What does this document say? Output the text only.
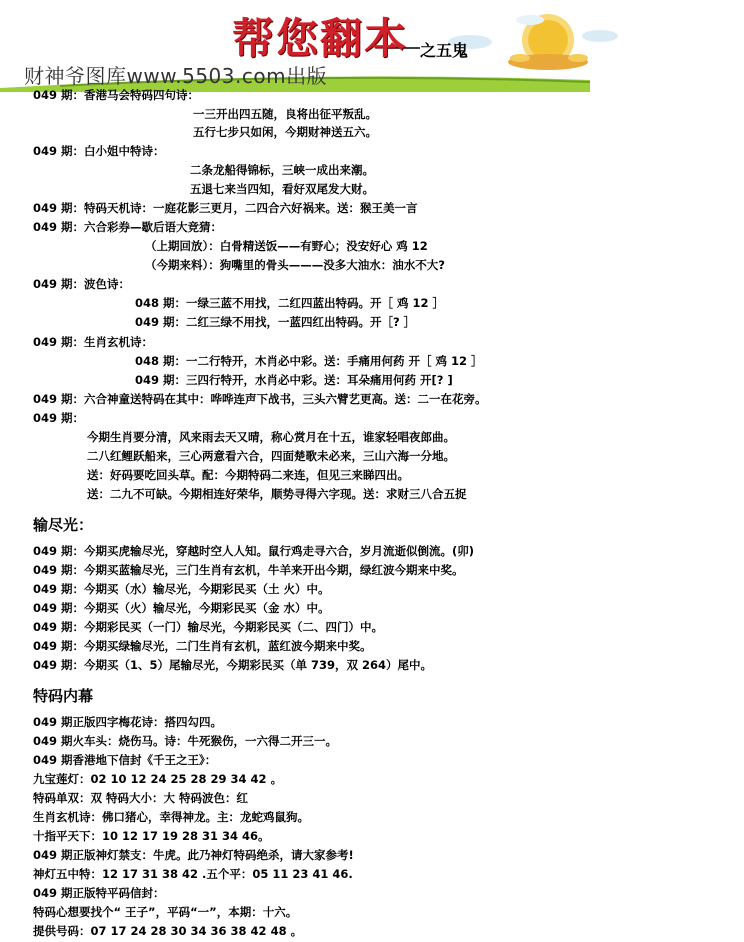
帮您翻本 之五鬼
财神爷图库www.5503.com出版
049 期：香港马会特码四句诗：
一三开出四五随，良将出征平叛乱。
五行七步只如闲，今期财神送五六。
049 期：白小姐中特诗：
二条龙船得锦标，三峡一成出来潮。
五退七来当四知，看好双尾发大财。
049 期：特码天机诗：一庭花影三更月，二四合六好祸来。送：猴王美一言
049 期：六合彩券—歇后语大竞猜：
（上期回放）：白骨精送饭——有野心；没安好心 鸡 12
（今期来料）：狗嘴里的骨头———没多大油水：油水不大?
049 期：波色诗：
048 期：一绿三蓝不用找，二红四蓝出特码。开［ 鸡 12 ］
049 期：二红三绿不用找，一蓝四红出特码。开［? ］
049 期：生肖玄机诗：
048 期：一二行特开，木肖必中彩。送：手痛用何药 开［ 鸡 12 ］
049 期：三四行特开，水肖必中彩。送：耳朵痛用何药 开[? ]
049 期：六合神童送特码在其中：哗哗连声下战书，三头六臂艺更高。送：二一在花旁。
049 期：
今期生肖要分清，风来雨去天又晴，称心赏月在十五，谁家轻唱夜郎曲。
二八红鲤跃船来，三心两意看六合，四面楚歌未必来，三山六海一分地。
送：好码要吃回头草。配：今期特码二来连，但见三来睇四出。
送：二九不可缺。今期相连好荣华，顺势寻得六字现。送：求财三八合五捉
输尽光：
049 期：今期买虎输尽光，穿越时空人人知。鼠行鸡走寻六合，岁月流逝似倒流。(卯)
049 期：今期买蓝输尽光，三门生肖有玄机，牛羊来开出今期，绿红波今期来中奖。
049 期：今期买（水）输尽光，今期彩民买（土 火）中。
049 期：今期买（火）输尽光，今期彩民买（金 水）中。
049 期：今期彩民买（一门）输尽光，今期彩民买（二、四门）中。
049 期：今期买绿输尽光，二门生肖有玄机，蓝红波今期来中奖。
049 期：今期买（1、5）尾输尽光，今期彩民买（单 739，双 264）尾中。
特码内幕
049 期正版四字梅花诗：搭四勾四。
049 期火车头：烧伤马。诗：牛死猴伤，一六得二开三一。
049 期香港地下信封《千王之王》：
九宝莲灯：02 10 12 24 25 28 29 34 42 。
特码单双：双 特码大小：大 特码波色：红
生肖玄机诗：佛口猪心，幸得神龙。主：龙蛇鸡鼠狗。
十指平天下：10 12 17 19 28 31 34 46。
049 期正版神灯禁支：牛虎。此乃神灯特码绝杀，请大家参考!
神灯五中特：12 17 31 38 42 .五个平：05 11 23 41 46.
049 期正版特平码信封：
特码心想要找个“ 王子”，平码“一”，本期：十六。
提供号码：07 17 24 28 30 34 36 38 42 48 。
